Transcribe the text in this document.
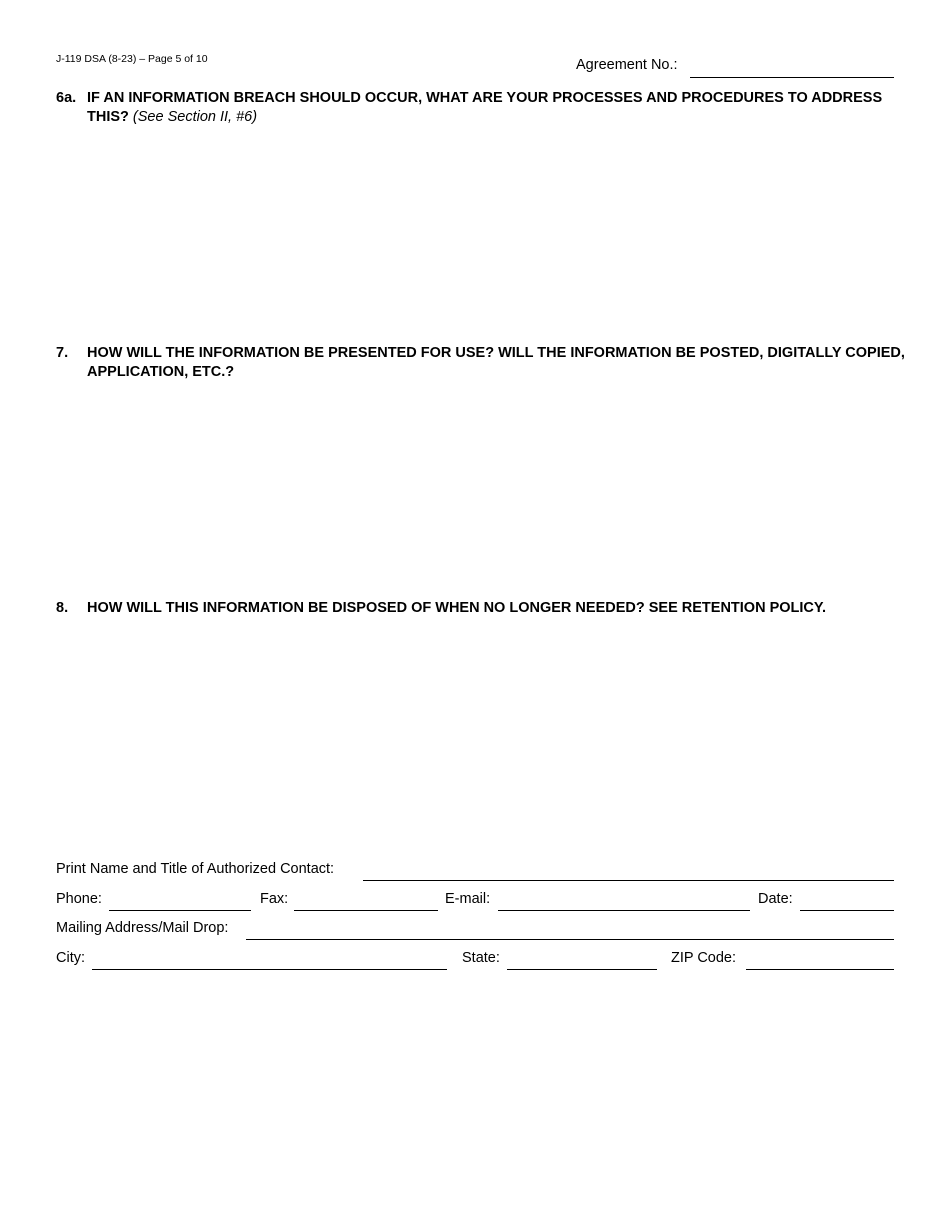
J-119 DSA (8-23) – Page 5 of 10	Agreement No.:
6a. IF AN INFORMATION BREACH SHOULD OCCUR, WHAT ARE YOUR PROCESSES AND PROCEDURES TO ADDRESS THIS? (See Section II, #6)
7. HOW WILL THE INFORMATION BE PRESENTED FOR USE? WILL THE INFORMATION BE POSTED, DIGITALLY COPIED, APPLICATION, ETC.?
8. HOW WILL THIS INFORMATION BE DISPOSED OF WHEN NO LONGER NEEDED? SEE RETENTION POLICY.
Print Name and Title of Authorized Contact:
Phone:	Fax:	E-mail:	Date:
Mailing Address/Mail Drop:
City:	State:	ZIP Code:
